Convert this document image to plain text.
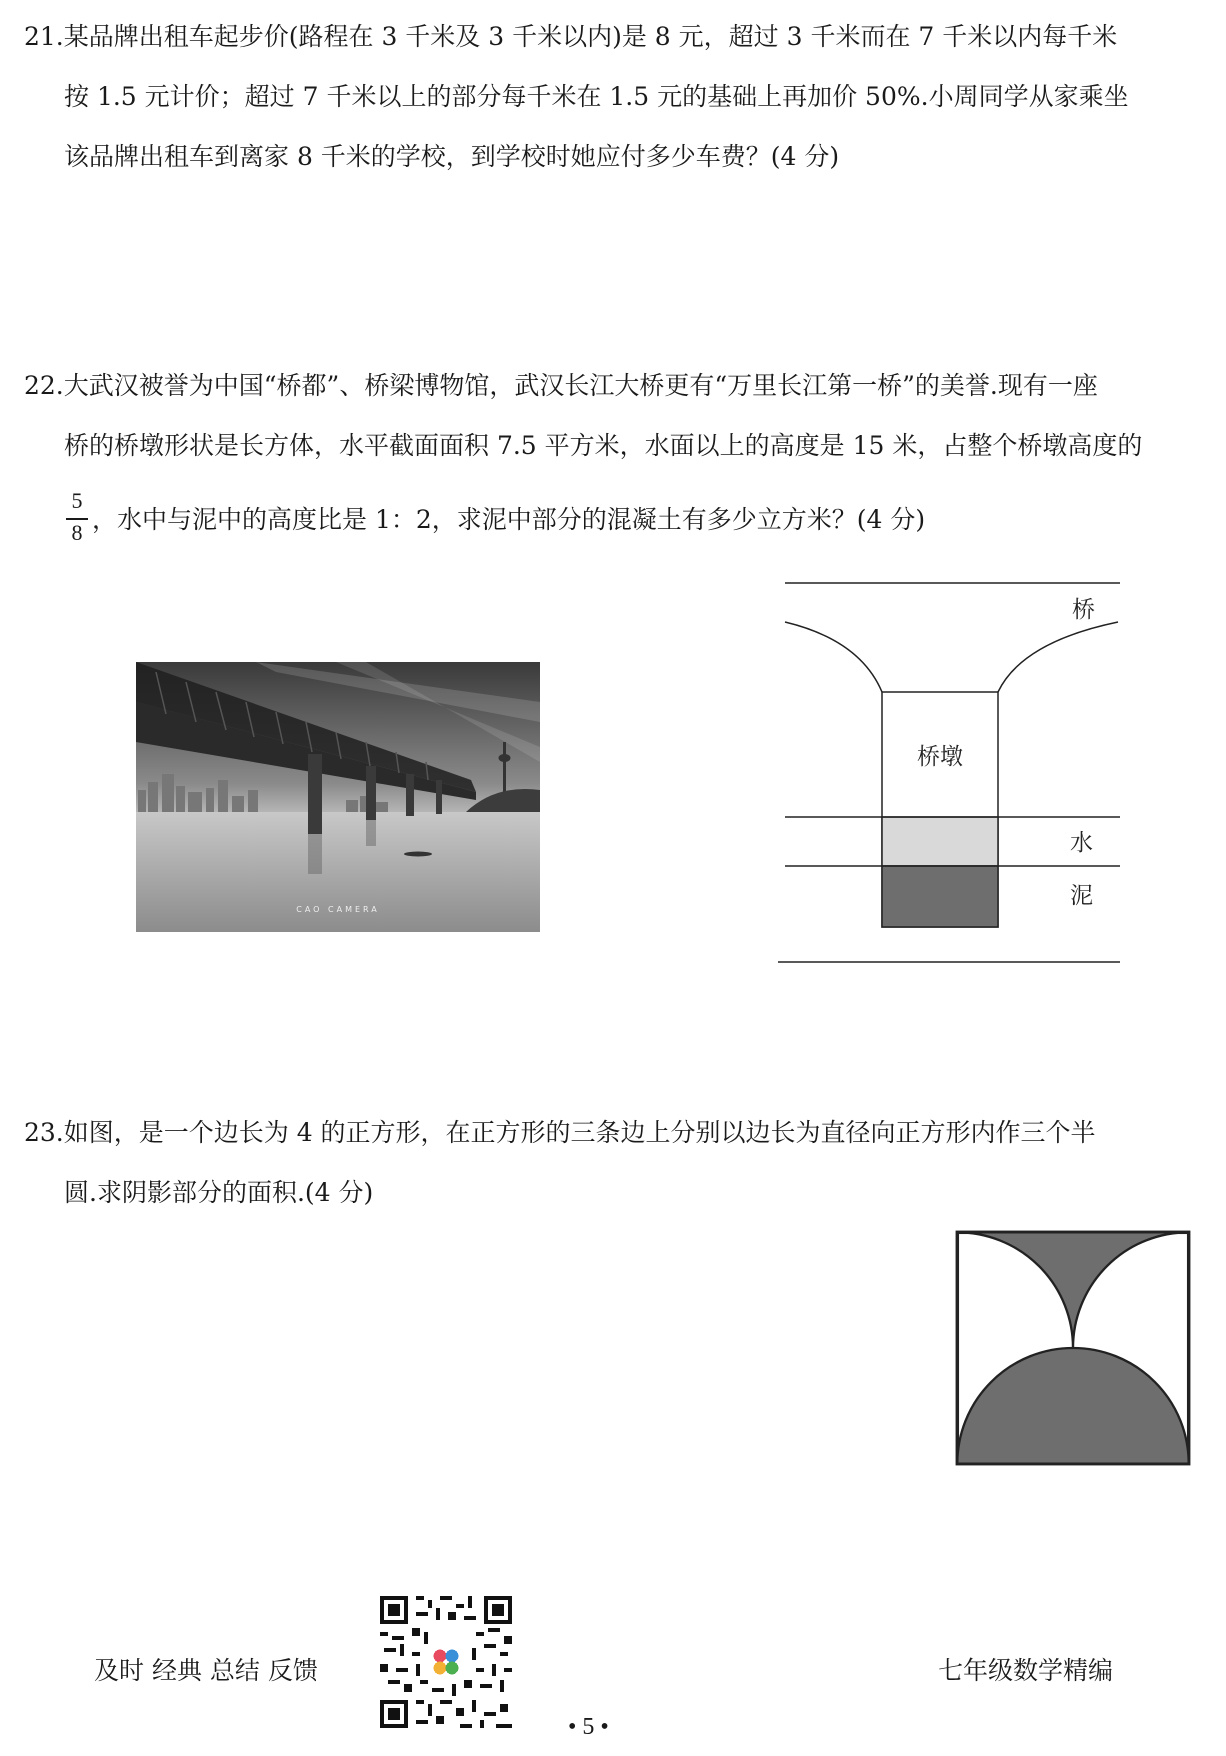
21.某品牌出租车起步价(路程在 3 千米及 3 千米以内)是 8 元，超过 3 千米而在 7 千米以内每千米
按 1.5 元计价；超过 7 千米以上的部分每千米在 1.5 元的基础上再加价 50%.小周同学从家乘坐
该品牌出租车到离家 8 千米的学校，到学校时她应付多少车费？(4 分)
22.大武汉被誉为中国“桥都”、桥梁博物馆，武汉长江大桥更有“万里长江第一桥”的美誉.现有一座
桥的桥墩形状是长方体，水平截面面积 7.5 平方米，水面以上的高度是 15 米，占整个桥墩高度的
5
8 ，水中与泥中的高度比是 1：2，求泥中部分的混凝土有多少立方米？(4 分)
CAO CAMERA
桥
桥墩
水
泥
23.如图，是一个边长为 4 的正方形，在正方形的三条边上分别以边长为直径向正方形内作三个半
圆.求阴影部分的面积.(4 分)
及时 经典 总结 反馈	七年级数学精编
• 5 •
